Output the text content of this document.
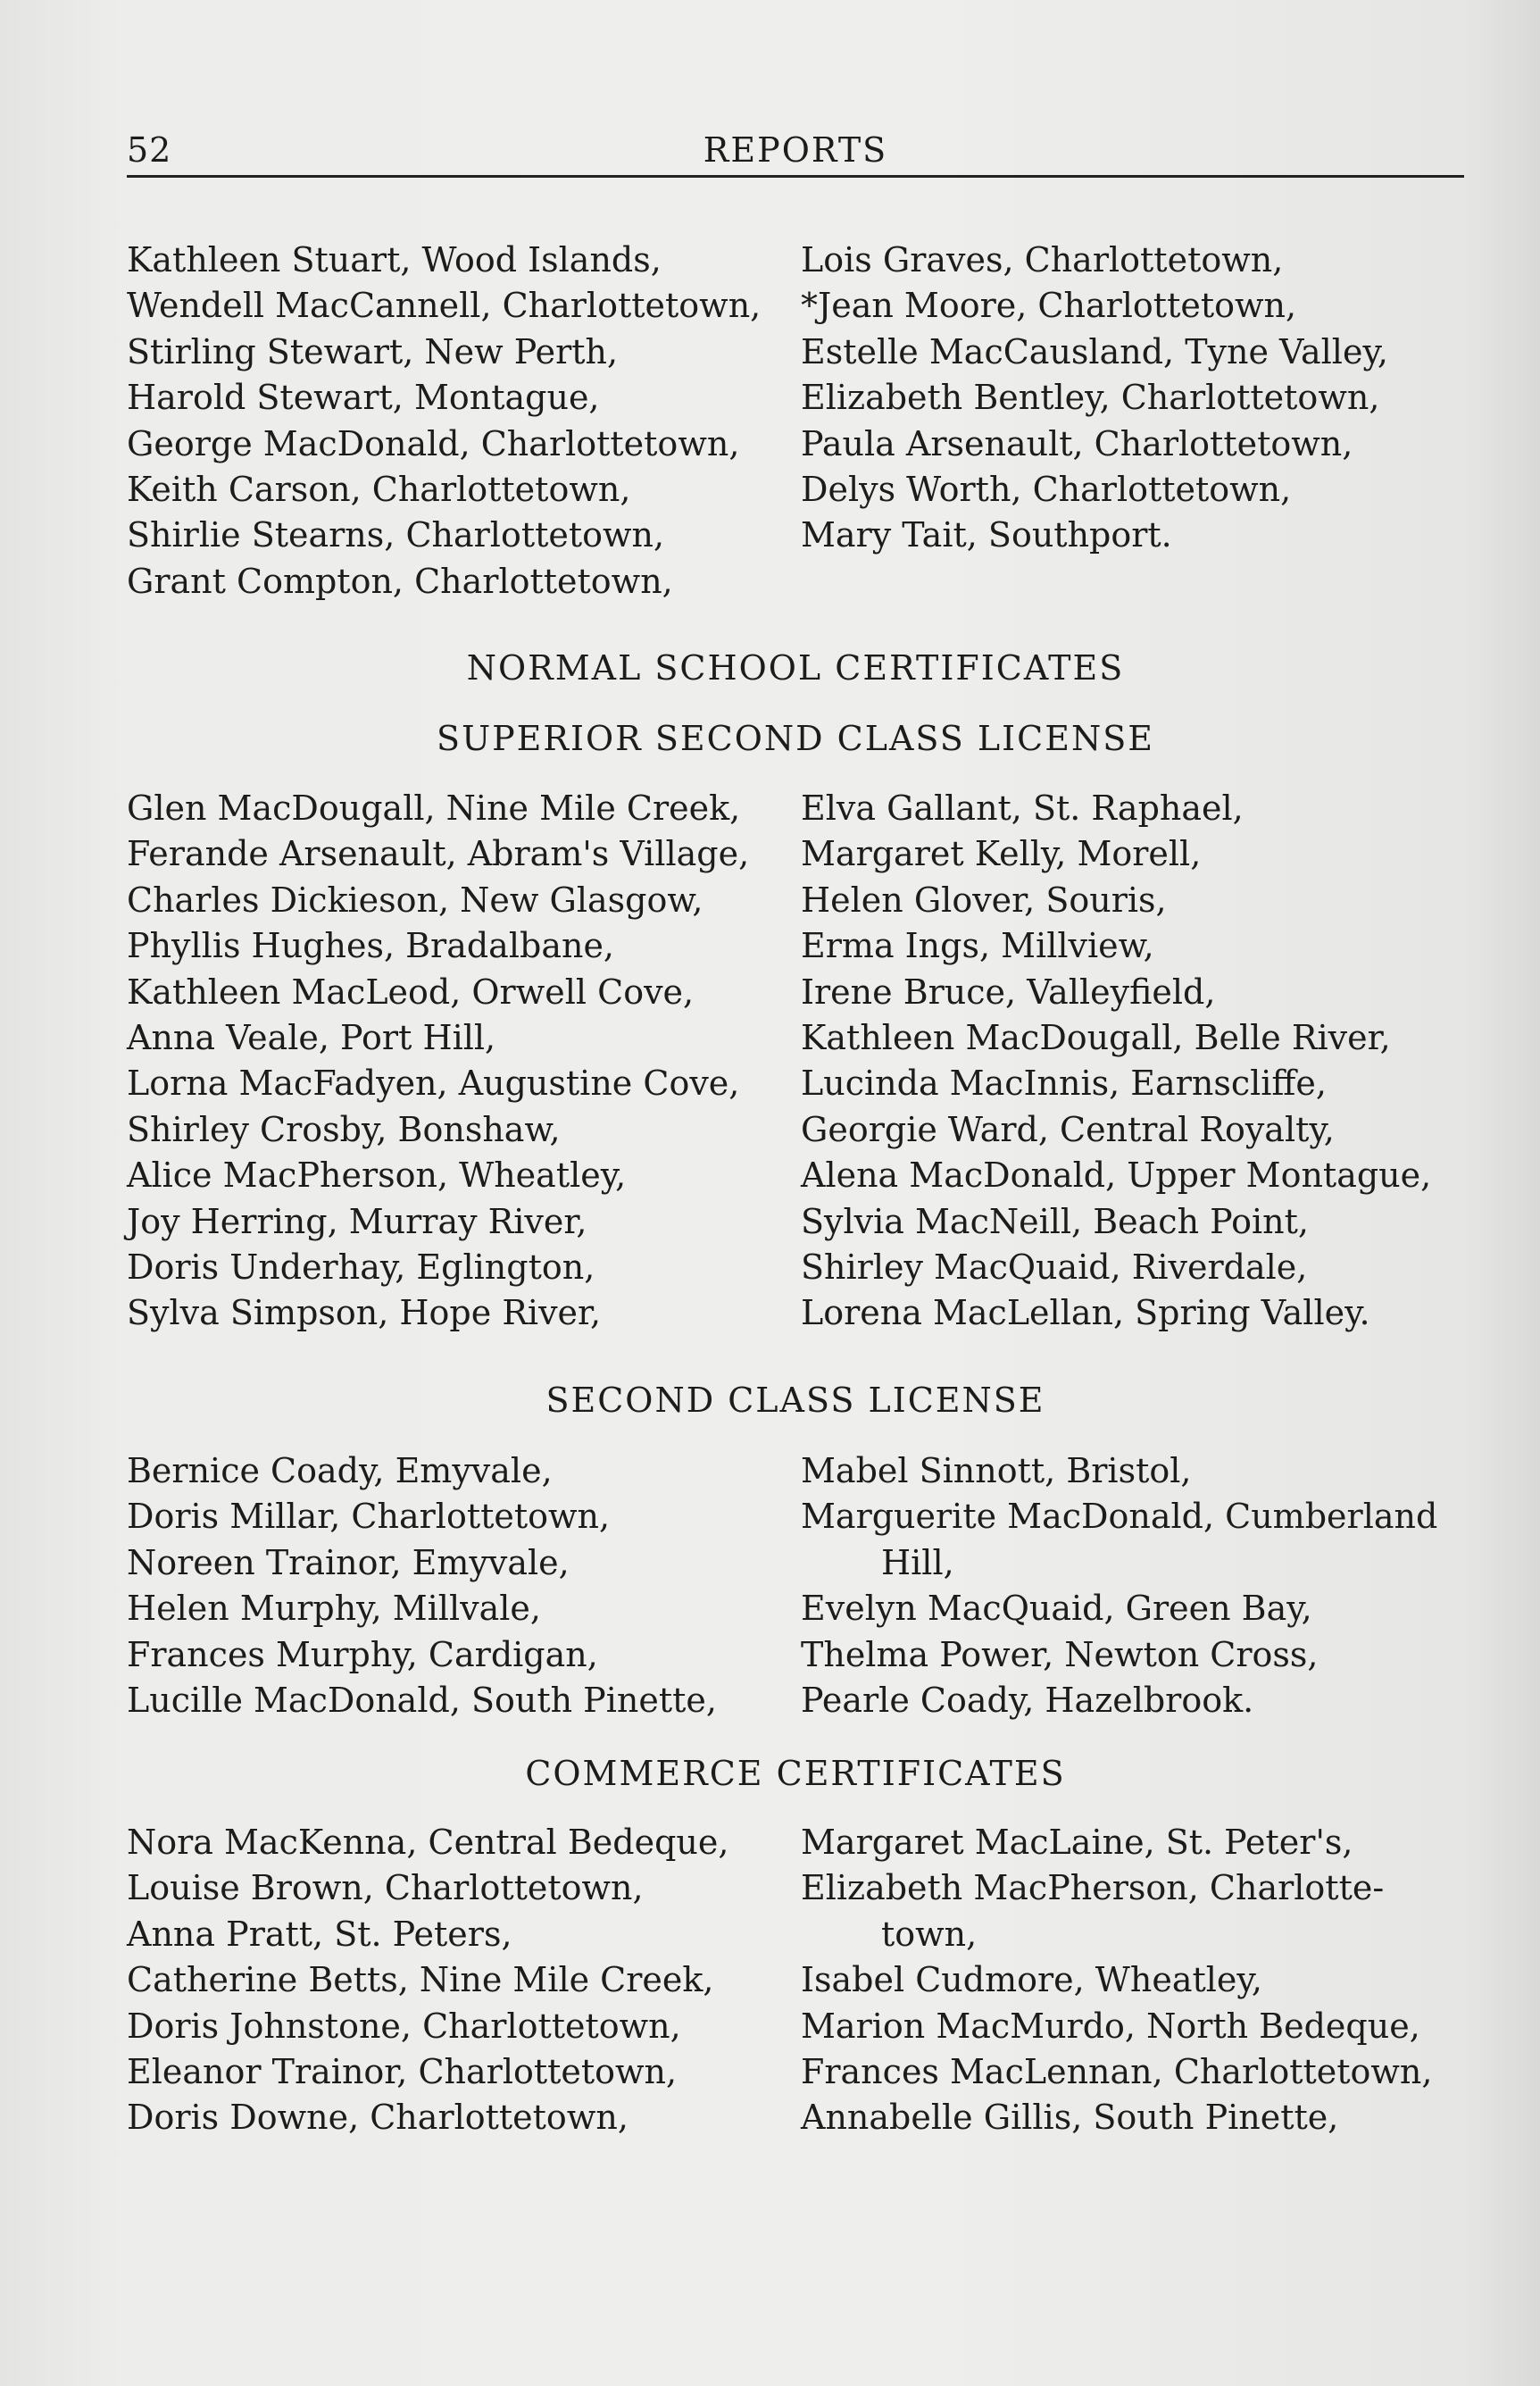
52	REPORTS
Kathleen Stuart, Wood Islands,
Wendell MacCannell, Charlottetown,
Stirling Stewart, New Perth,
Harold Stewart, Montague,
George MacDonald, Charlottetown,
Keith Carson, Charlottetown,
Shirlie Stearns, Charlottetown,
Grant Compton, Charlottetown,
Lois Graves, Charlottetown,
*Jean Moore, Charlottetown,
Estelle MacCausland, Tyne Valley,
Elizabeth Bentley, Charlottetown,
Paula Arsenault, Charlottetown,
Delys Worth, Charlottetown,
Mary Tait, Southport.
NORMAL SCHOOL CERTIFICATES
SUPERIOR SECOND CLASS LICENSE
Glen MacDougall, Nine Mile Creek,
Ferande Arsenault, Abram's Village,
Charles Dickieson, New Glasgow,
Phyllis Hughes, Bradalbane,
Kathleen MacLeod, Orwell Cove,
Anna Veale, Port Hill,
Lorna MacFadyen, Augustine Cove,
Shirley Crosby, Bonshaw,
Alice MacPherson, Wheatley,
Joy Herring, Murray River,
Doris Underhay, Eglington,
Sylva Simpson, Hope River,
Elva Gallant, St. Raphael,
Margaret Kelly, Morell,
Helen Glover, Souris,
Erma Ings, Millview,
Irene Bruce, Valleyfield,
Kathleen MacDougall, Belle River,
Lucinda MacInnis, Earnscliffe,
Georgie Ward, Central Royalty,
Alena MacDonald, Upper Montague,
Sylvia MacNeill, Beach Point,
Shirley MacQuaid, Riverdale,
Lorena MacLellan, Spring Valley.
SECOND CLASS LICENSE
Bernice Coady, Emyvale,
Doris Millar, Charlottetown,
Noreen Trainor, Emyvale,
Helen Murphy, Millvale,
Frances Murphy, Cardigan,
Lucille MacDonald, South Pinette,
Mabel Sinnott, Bristol,
Marguerite MacDonald, Cumberland
Hill,
Evelyn MacQuaid, Green Bay,
Thelma Power, Newton Cross,
Pearle Coady, Hazelbrook.
COMMERCE CERTIFICATES
Nora MacKenna, Central Bedeque,
Louise Brown, Charlottetown,
Anna Pratt, St. Peters,
Catherine Betts, Nine Mile Creek,
Doris Johnstone, Charlottetown,
Eleanor Trainor, Charlottetown,
Doris Downe, Charlottetown,
Margaret MacLaine, St. Peter's,
Elizabeth MacPherson, Charlotte-
town,
Isabel Cudmore, Wheatley,
Marion MacMurdo, North Bedeque,
Frances MacLennan, Charlottetown,
Annabelle Gillis, South Pinette,
